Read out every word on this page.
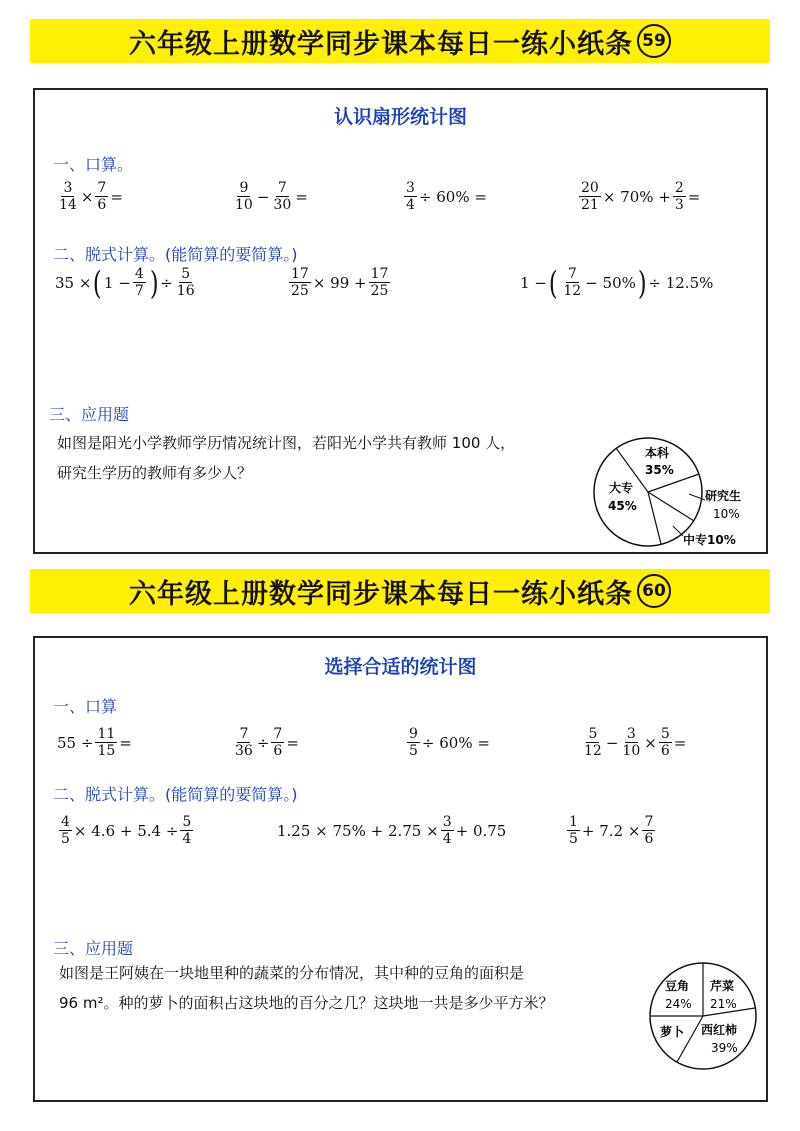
六年级上册数学同步课本每日一练小纸条 59
认识扇形统计图
一、口算。
$\frac{3}{14} \times \frac{7}{6}$ =	$\frac{9}{10} - \frac{7}{30}$ =	$\frac{3}{4} \div 60\%$ =	$\frac{20}{21} \times 70\% + \frac{2}{3}$ =
二、脱式计算。(能简算的要简算。)
35 × ( $1 - \frac{4}{7}$ ) ÷ $\frac{5}{16}$	$\frac{17}{25} \times 99 + \frac{17}{25}$	1 − ( $\frac{7}{12} - 50\%$ ) ÷ 12.5%
三、应用题
如图是阳光小学教师学历情况统计图，若阳光小学共有教师 100 人，
研究生学历的教师有多少人？
本科
35%
大专
45%
研究生
10%
中专10%
六年级上册数学同步课本每日一练小纸条 60
选择合适的统计图
一、口算
$55 \div \frac{11}{15}$ =	$\frac{7}{36} \div \frac{7}{6}$ =	$\frac{9}{5} \div 60\%$ =	$\frac{5}{12} - \frac{3}{10} \times \frac{5}{6}$ =
二、脱式计算。(能简算的要简算。)
$\frac{4}{5} \times 4.6 + 5.4 \div \frac{5}{4}$	$1.25 \times 75\% + 2.75 \times \frac{3}{4} + 0.75$	$\frac{1}{5} + 7.2 \times \frac{7}{6}$
三、应用题
如图是王阿姨在一块地里种的蔬菜的分布情况，其中种的豆角的面积是
96 m²。种的萝卜的面积占这块地的百分之几？这块地一共是多少平方米？
豆角
24%
芹菜
21%
萝卜 西红柿
39%
